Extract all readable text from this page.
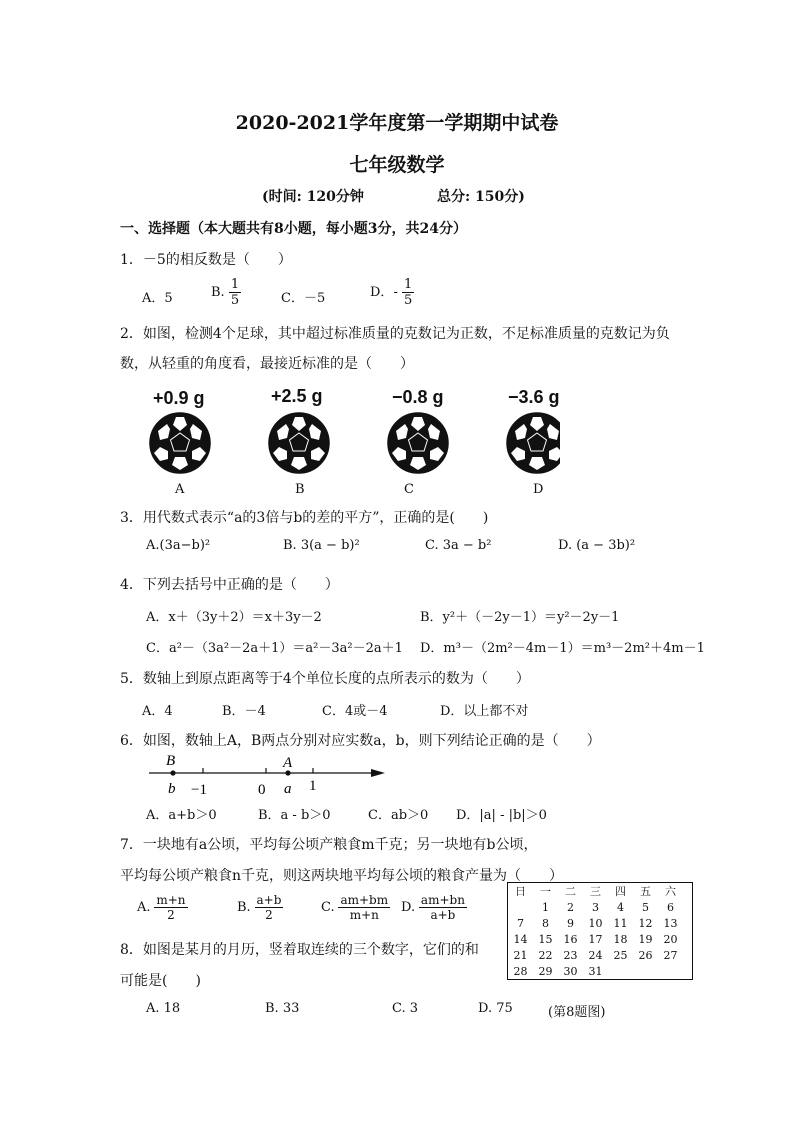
2020-2021学年度第一学期期中试卷
七年级数学
(时间: 120分钟	总分: 150分)
一、选择题（本大题共有8小题，每小题3分，共24分）
1．－5的相反数是（　　）
A．5	B. $\frac{1}{5}$	C．－5	D．- $\frac{1}{5}$
2．如图，检测4个足球，其中超过标准质量的克数记为正数，不足标准质量的克数记为负
数，从轻重的角度看，最接近标准的是（　　）
+0.9 g	+2.5 g	−0.8 g	−3.6 g
A	B	C	D
3．用代数式表示“a的3倍与b的差的平方”，正确的是(　　)
A.(3a−b)²	B. 3(a − b)²	C. 3a − b²	D. (a − 3b)²
4．下列去括号中正确的是（　　）
A．x＋（3y＋2）＝x＋3y－2	B．y²＋（－2y－1）＝y²－2y－1
C．a²－（3a²－2a＋1）＝a²－3a²－2a＋1 D．m³－（2m²－4m－1）＝m³－2m²＋4m－1
5．数轴上到原点距离等于4个单位长度的点所表示的数为（　　）
A．4	B．－4	C．4或－4	D．以上都不对
6．如图，数轴上A，B两点分别对应实数a，b，则下列结论正确的是（　　）
B
b −1	0
A
a 1
A．a+b＞0	B．a - b＞0	C．ab＞0 D．|a| - |b|＞0
7．一块地有a公顷，平均每公顷产粮食m千克；另一块地有b公顷，
平均每公顷产粮食n千克，则这两块地平均每公顷的粮食产量为（　　）
A. $\frac{m+n}{2}$	B. $\frac{a+b}{2}$	C. $\frac{am+bm}{m+n} D$. $\frac{am+bn}{a+b}$
日	一	二	三	四	五	六
	1	2	3	4	5	6
7	8	9	10	11	12	13
14	15	16	17	18	19	20
21	22	23	24	25	26	27
28	29	30	31			
8．如图是某月的月历，竖着取连续的三个数字，它们的和
可能是(　　)
A. 18	B. 33	C. 3	D. 75	(第8题图)
